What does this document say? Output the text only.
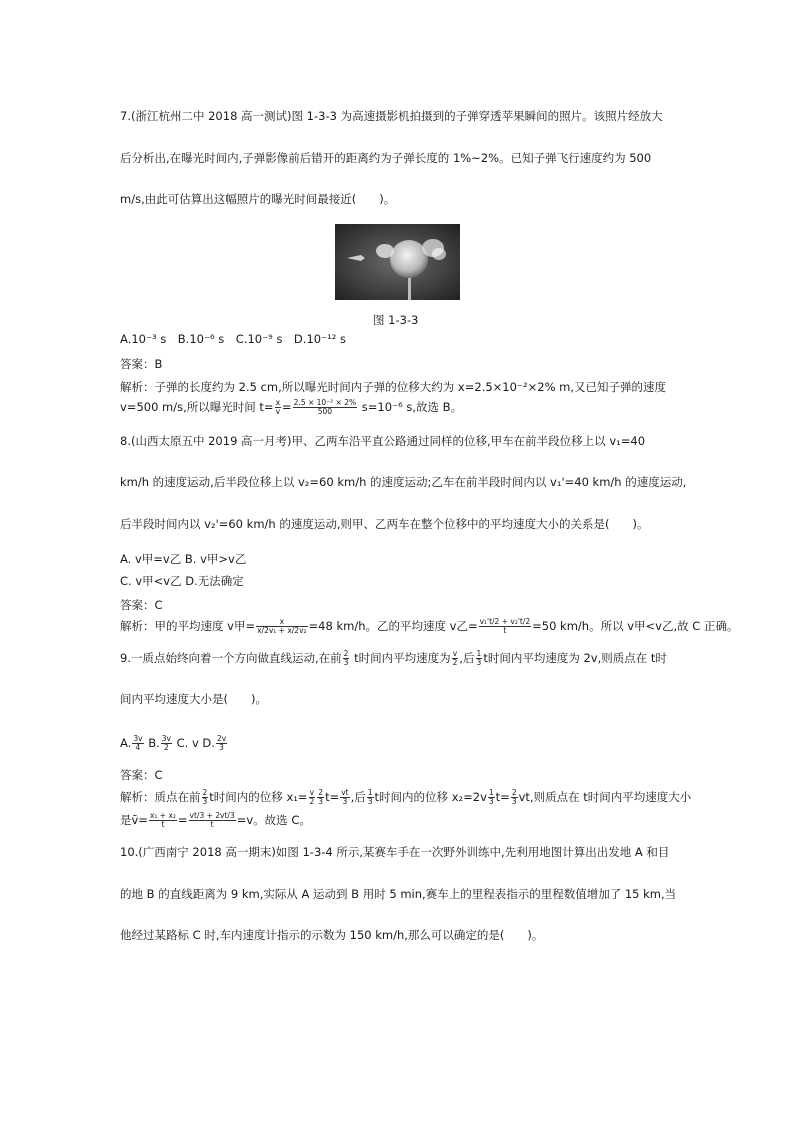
7.(浙江杭州二中 2018 高一测试)图 1-3-3 为高速摄影机拍摄到的子弹穿透苹果瞬间的照片。该照片经放大
后分析出,在曝光时间内,子弹影像前后错开的距离约为子弹长度的 1%~2%。已知子弹飞行速度约为 500
m/s,由此可估算出这幅照片的曝光时间最接近(　　)。
图 1-3-3
A.10⁻³ s　B.10⁻⁶ s　C.10⁻⁹ s　D.10⁻¹² s
答案：B
解析：子弹的长度约为 2.5 cm,所以曝光时间内子弹的位移大约为 x=2.5×10⁻²×2% m,又已知子弹的速度
v=500 m/s,所以曝光时间 $t= \frac{x}{v} = \frac{\text{2.5 × 10⁻² × 2\%}}{500} s=10^{-6}$ s,故选 B。
8.(山西太原五中 2019 高一月考)甲、乙两车沿平直公路通过同样的位移,甲车在前半段位移上以 v₁=40
km/h 的速度运动,后半段位移上以 v₂=60 km/h 的速度运动;乙车在前半段时间内以 v₁'=40 km/h 的速度运动,
后半段时间内以 v₂'=60 km/h 的速度运动,则甲、乙两车在整个位移中的平均速度大小的关系是(　　)。
A. v甲=v乙 B. v甲>v乙
C. v甲<v乙 D.无法确定
答案：C
解析：甲的平均速度 v甲= $\frac{x}{\text{x/2v₁ + x/2v₂}} =48$ km/h。乙的平均速度 v乙= $\frac{\text{v₁'t/2 + v₂'t/2}}{t} =50$ km/h。所以 v甲<v乙,故 C 正确。
9.一质点始终向着一个方向做直线运动,在前 $\frac{2}{3}$ t时间内平均速度为 $\frac{v}{2}$ ,后 $\frac{1}{3}$ t时间内平均速度为 2v,则质点在 t时
间内平均速度大小是(　　)。
A. $\frac{3v}{4} B$. $\frac{3v}{2} C$. v D. $\frac{2v}{3}$
答案：C
解析：质点在前 $\frac{2}{3}$ t时间内的位移 $x_1= \frac{v}{2} \frac{2}{3} t= \frac{vt}{3}$ ,后 $\frac{1}{3}$ t时间内的位移 $x_2=2v \frac{1}{3} t= \frac{2}{3}$ vt,则质点在 t时间内平均速度大小
是v̄= $\frac{\text{x₁ + x₂}}{t} = \frac{vt/3 + 2vt/3}{t} =v$。故选 C。
10.(广西南宁 2018 高一期末)如图 1-3-4 所示,某赛车手在一次野外训练中,先利用地图计算出出发地 A 和目
的地 B 的直线距离为 9 km,实际从 A 运动到 B 用时 5 min,赛车上的里程表指示的里程数值增加了 15 km,当
他经过某路标 C 时,车内速度计指示的示数为 150 km/h,那么可以确定的是(　　)。
